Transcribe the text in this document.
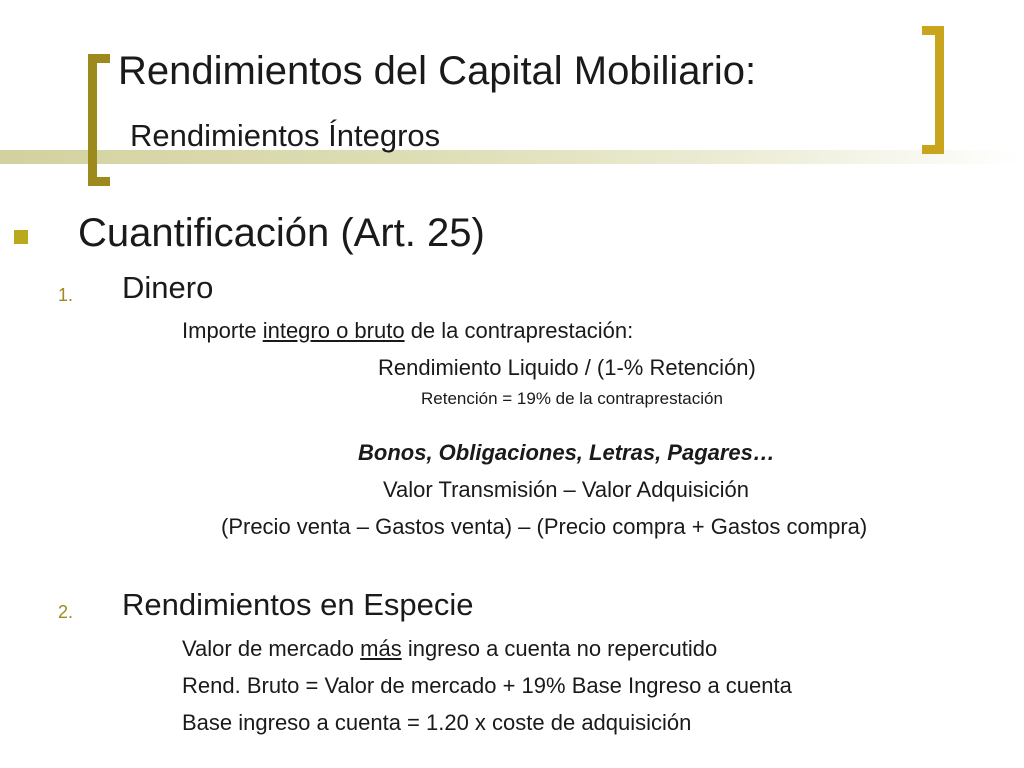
Rendimientos del Capital Mobiliario:
Rendimientos Íntegros
Cuantificación (Art. 25)
1. Dinero
Importe integro o bruto de la contraprestación:
Rendimiento Liquido / (1-% Retención)
Retención = 19% de la contraprestación
Bonos, Obligaciones, Letras, Pagares…
Valor Transmisión – Valor Adquisición
(Precio venta – Gastos venta) – (Precio compra + Gastos compra)
2. Rendimientos en Especie
Valor de mercado más ingreso a cuenta no repercutido
Rend. Bruto = Valor de mercado + 19% Base Ingreso a cuenta
Base ingreso a cuenta = 1.20 x coste de adquisición
